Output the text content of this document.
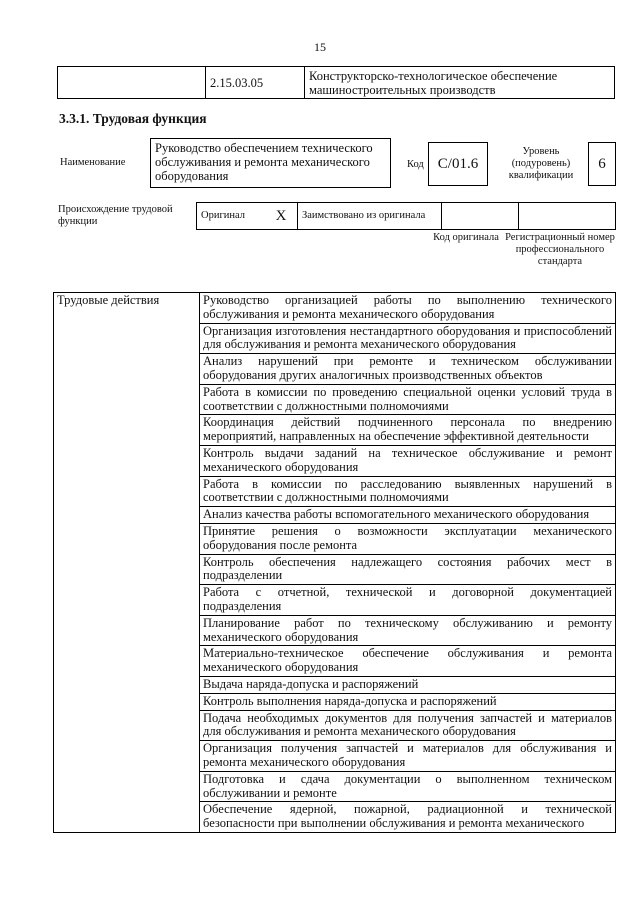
15
	2.15.03.05	Конструкторско-технологическое обеспечение машиностроительных производств
3.3.1. Трудовая функция
Наименование
Руководство обеспечением технического обслуживания и ремонта механического оборудования
Код С/01.6
Уровень (подуровень) квалификации
6
Происхождение трудовой функции
Оригинал	X	Заимствовано из оригинала		
Код оригинала Регистрационный номер профессионального стандарта
Трудовые действия	Руководство организацией работы по выполнению технического обслуживания и ремонта механического оборудования
Организация изготовления нестандартного оборудования и приспособлений для обслуживания и ремонта механического оборудования
Анализ нарушений при ремонте и техническом обслуживании оборудования других аналогичных производственных объектов
Работа в комиссии по проведению специальной оценки условий труда в соответствии с должностными полномочиями
Координация действий подчиненного персонала по внедрению мероприятий, направленных на обеспечение эффективной деятельности
Контроль выдачи заданий на техническое обслуживание и ремонт механического оборудования
Работа в комиссии по расследованию выявленных нарушений в соответствии с должностными полномочиями
Анализ качества работы вспомогательного механического оборудования
Принятие решения о возможности эксплуатации механического оборудования после ремонта
Контроль обеспечения надлежащего состояния рабочих мест в подразделении
Работа с отчетной, технической и договорной документацией подразделения
Планирование работ по техническому обслуживанию и ремонту механического оборудования
Материально-техническое обеспечение обслуживания и ремонта механического оборудования
Выдача наряда-допуска и распоряжений
Контроль выполнения наряда-допуска и распоряжений
Подача необходимых документов для получения запчастей и материалов для обслуживания и ремонта механического оборудования
Организация получения запчастей и материалов для обслуживания и ремонта механического оборудования
Подготовка и сдача документации о выполненном техническом обслуживании и ремонте
Обеспечение ядерной, пожарной, радиационной и технической безопасности при выполнении обслуживания и ремонта механического
